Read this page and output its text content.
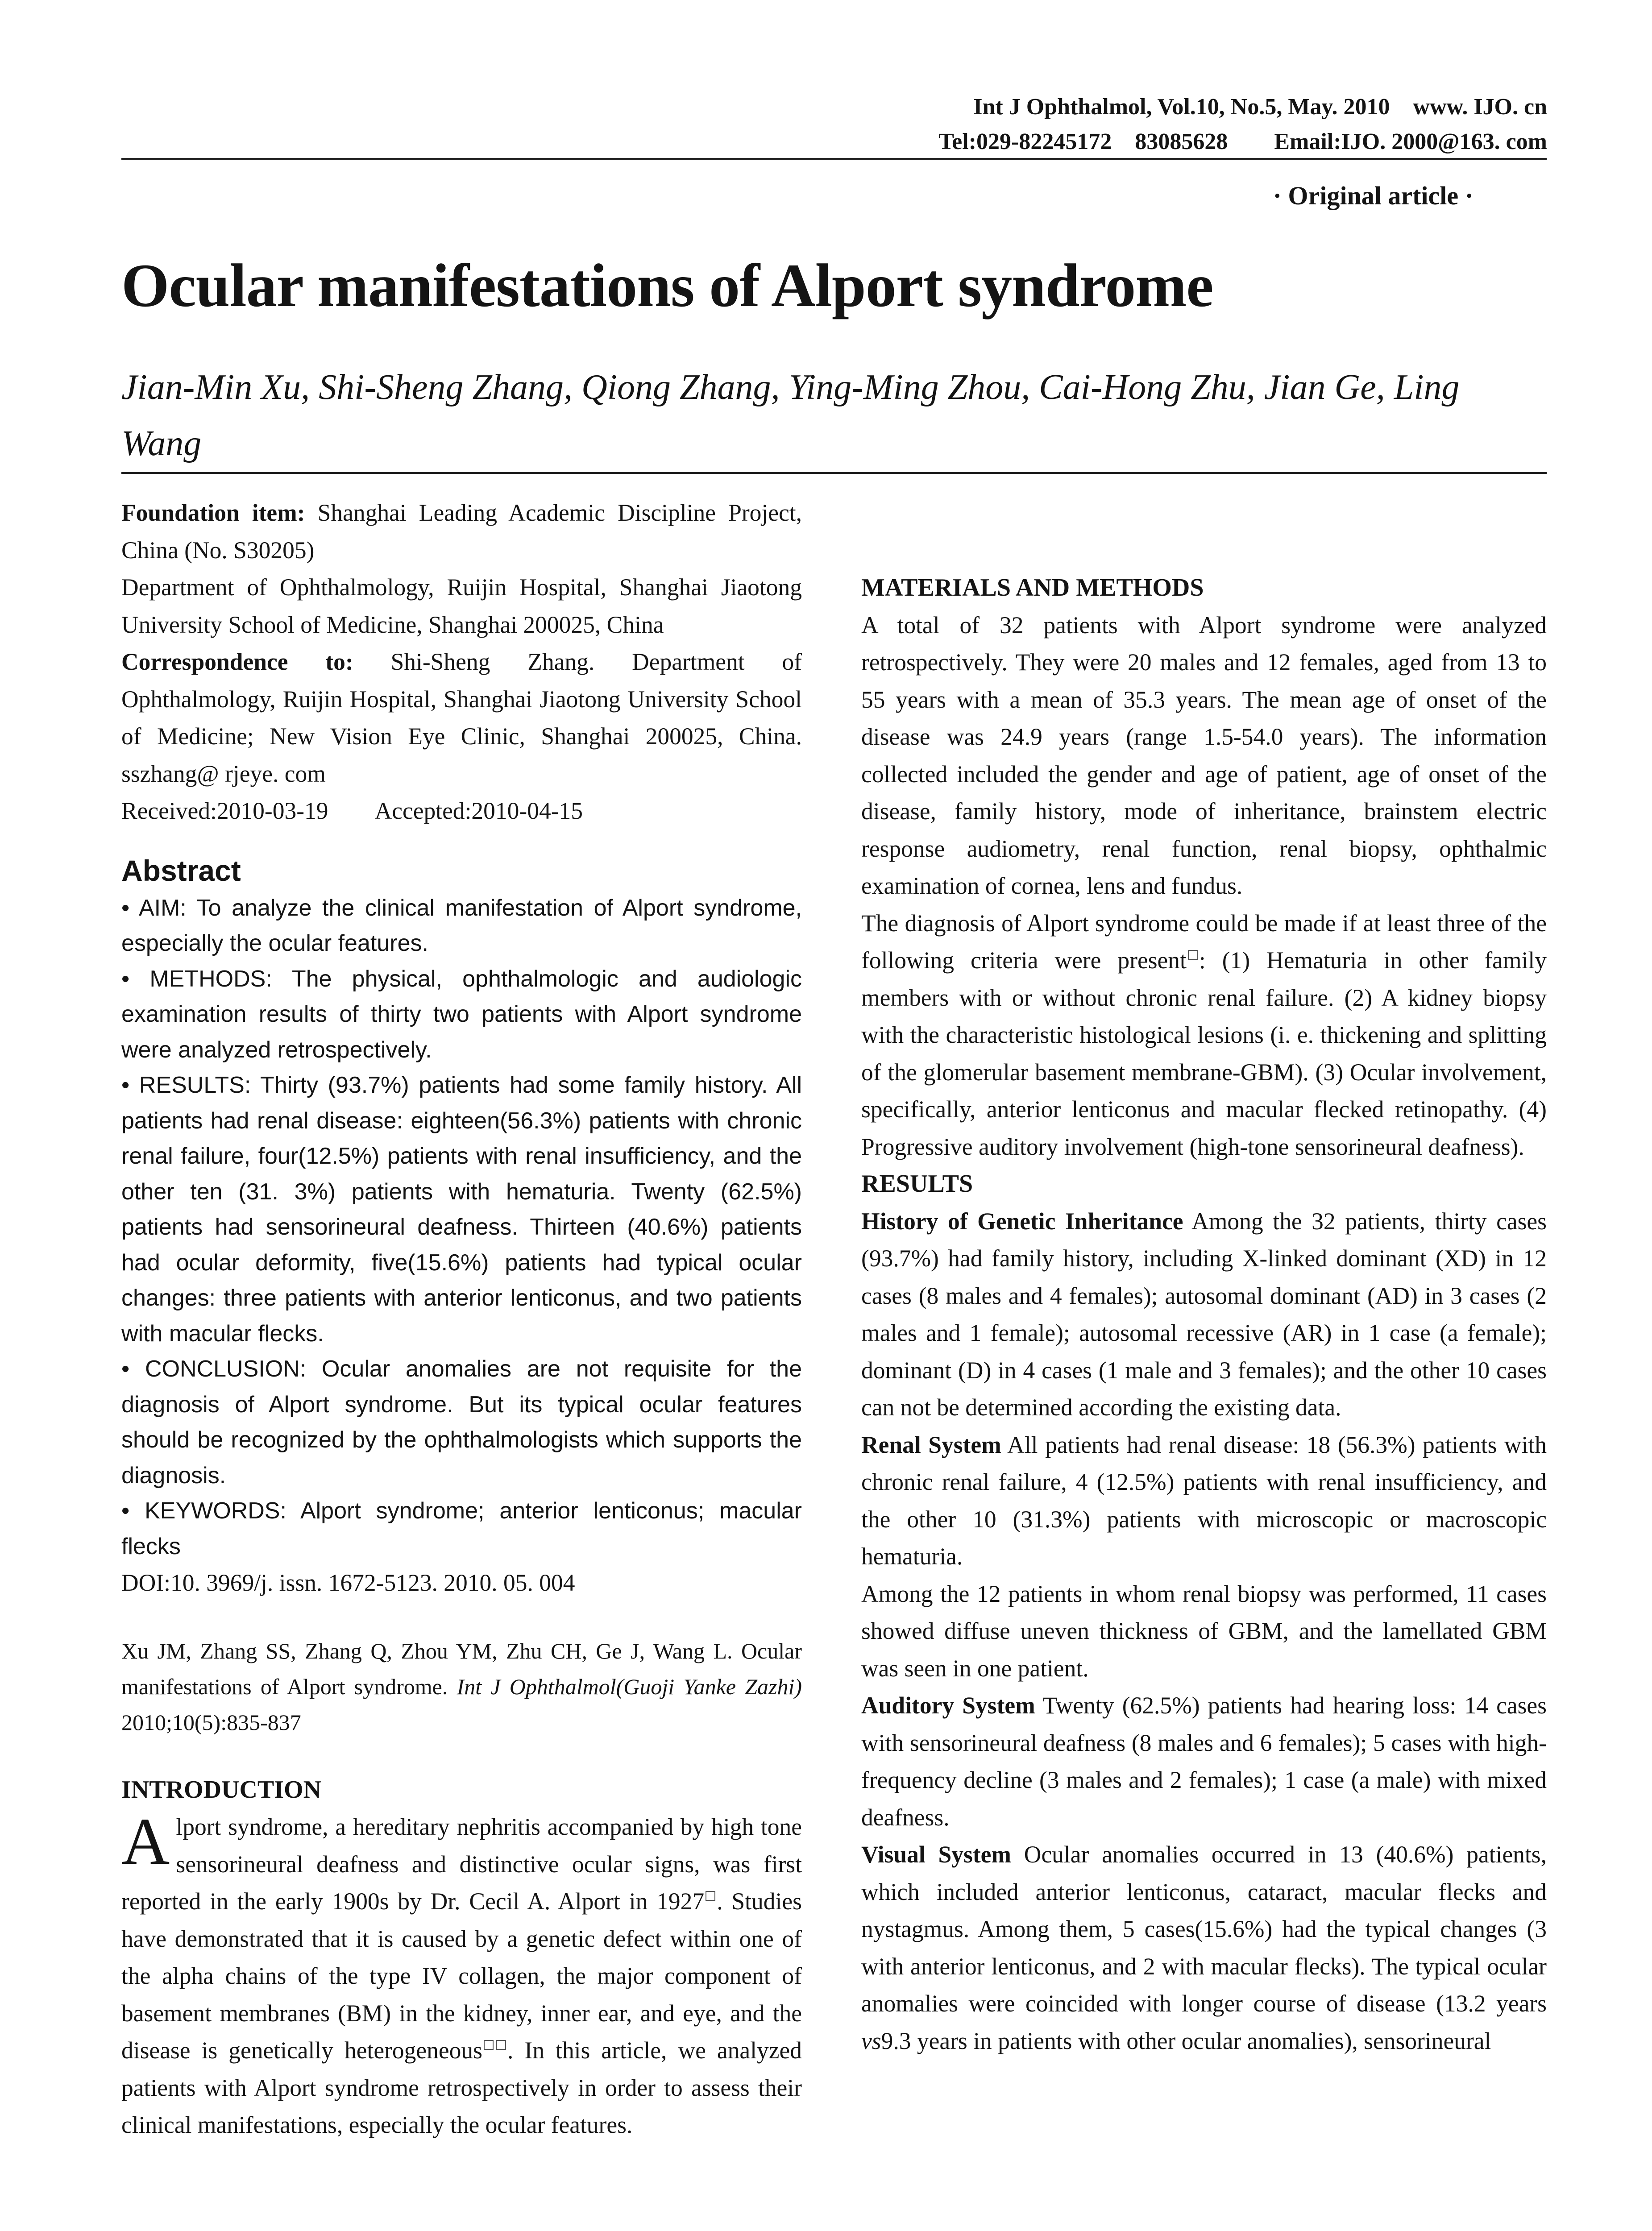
Int J Ophthalmol, Vol.10, No.5, May. 2010    www. IJO. cn
Tel:029-82245172    83085628        Email:IJO. 2000@163. com
· Original article ·
Ocular manifestations of Alport syndrome
Jian-Min Xu, Shi-Sheng Zhang, Qiong Zhang, Ying-Ming Zhou, Cai-Hong Zhu, Jian Ge, Ling Wang

Foundation item: Shanghai Leading Academic Discipline Project, China (No. S30205)

Department of Ophthalmology, Ruijin Hospital, Shanghai Jiaotong University School of Medicine, Shanghai 200025, China

Correspondence to: Shi-Sheng Zhang. Department of Ophthalmology, Ruijin Hospital, Shanghai Jiaotong University School of Medicine; New Vision Eye Clinic, Shanghai 200025, China. sszhang@ rjeye. com

Received:2010-03-19        Accepted:2010-04-15

Abstract

• AIM: To analyze the clinical manifestation of Alport syndrome, especially the ocular features.

• METHODS: The physical, ophthalmologic and audiologic examination results of thirty two patients with Alport syndrome were analyzed retrospectively.

• RESULTS: Thirty (93.7%) patients had some family history. All patients had renal disease: eighteen(56.3%) patients with chronic renal failure, four(12.5%) patients with renal insufficiency, and the other ten (31. 3%) patients with hematuria. Twenty (62.5%) patients had sensorineural deafness. Thirteen (40.6%) patients had ocular deformity, five(15.6%) patients had typical ocular changes: three patients with anterior lenticonus, and two patients with macular flecks.

• CONCLUSION: Ocular anomalies are not requisite for the diagnosis of Alport syndrome. But its typical ocular features should be recognized by the ophthalmologists which supports the diagnosis.

• KEYWORDS: Alport syndrome; anterior lenticonus; macular flecks

DOI:10. 3969/j. issn. 1672-5123. 2010. 05. 004

Xu JM, Zhang SS, Zhang Q, Zhou YM, Zhu CH, Ge J, Wang L. Ocular manifestations of Alport syndrome. Int J Ophthalmol(Guoji Yanke Zazhi) 2010;10(5):835-837

INTRODUCTION

Alport syndrome, a hereditary nephritis accompanied by high tone sensorineural deafness and distinctive ocular signs, was first reported in the early 1900s by Dr. Cecil A. Alport in 1927 . Studies have demonstrated that it is caused by a genetic defect within one of the alpha chains of the type IV collagen, the major component of basement membranes (BM) in the kidney, inner ear, and eye, and the disease is genetically heterogeneous . In this article, we analyzed patients with Alport syndrome retrospectively in order to assess their clinical manifestations, especially the ocular features.

MATERIALS AND METHODS

A total of 32 patients with Alport syndrome were analyzed retrospectively. They were 20 males and 12 females, aged from 13 to 55 years with a mean of 35.3 years. The mean age of onset of the disease was 24.9 years (range 1.5-54.0 years). The information collected included the gender and age of patient, age of onset of the disease, family history, mode of inheritance, brainstem electric response audiometry, renal function, renal biopsy, ophthalmic examination of cornea, lens and fundus.

The diagnosis of Alport syndrome could be made if at least three of the following criteria were present : (1) Hematuria in other family members with or without chronic renal failure. (2) A kidney biopsy with the characteristic histological lesions (i. e. thickening and splitting of the glomerular basement membrane-GBM). (3) Ocular involvement, specifically, anterior lenticonus and macular flecked retinopathy. (4) Progressive auditory involvement (high-tone sensorineural deafness).

RESULTS

History of Genetic Inheritance Among the 32 patients, thirty cases (93.7%) had family history, including X-linked dominant (XD) in 12 cases (8 males and 4 females); autosomal dominant (AD) in 3 cases (2 males and 1 female); autosomal recessive (AR) in 1 case (a female); dominant (D) in 4 cases (1 male and 3 females); and the other 10 cases can not be determined according the existing data.

Renal System All patients had renal disease: 18 (56.3%) patients with chronic renal failure, 4 (12.5%) patients with renal insufficiency, and the other 10 (31.3%) patients with microscopic or macroscopic hematuria.

Among the 12 patients in whom renal biopsy was performed, 11 cases showed diffuse uneven thickness of GBM, and the lamellated GBM was seen in one patient.

Auditory System Twenty (62.5%) patients had hearing loss: 14 cases with sensorineural deafness (8 males and 6 females); 5 cases with high-frequency decline (3 males and 2 females); 1 case (a male) with mixed deafness.

Visual System Ocular anomalies occurred in 13 (40.6%) patients, which included anterior lenticonus, cataract, macular flecks and nystagmus. Among them, 5 cases(15.6%) had the typical changes (3 with anterior lenticonus, and 2 with macular flecks). The typical ocular anomalies were coincided with longer course of disease (13.2 years vs9.3 years in patients with other ocular anomalies), sensorineural
